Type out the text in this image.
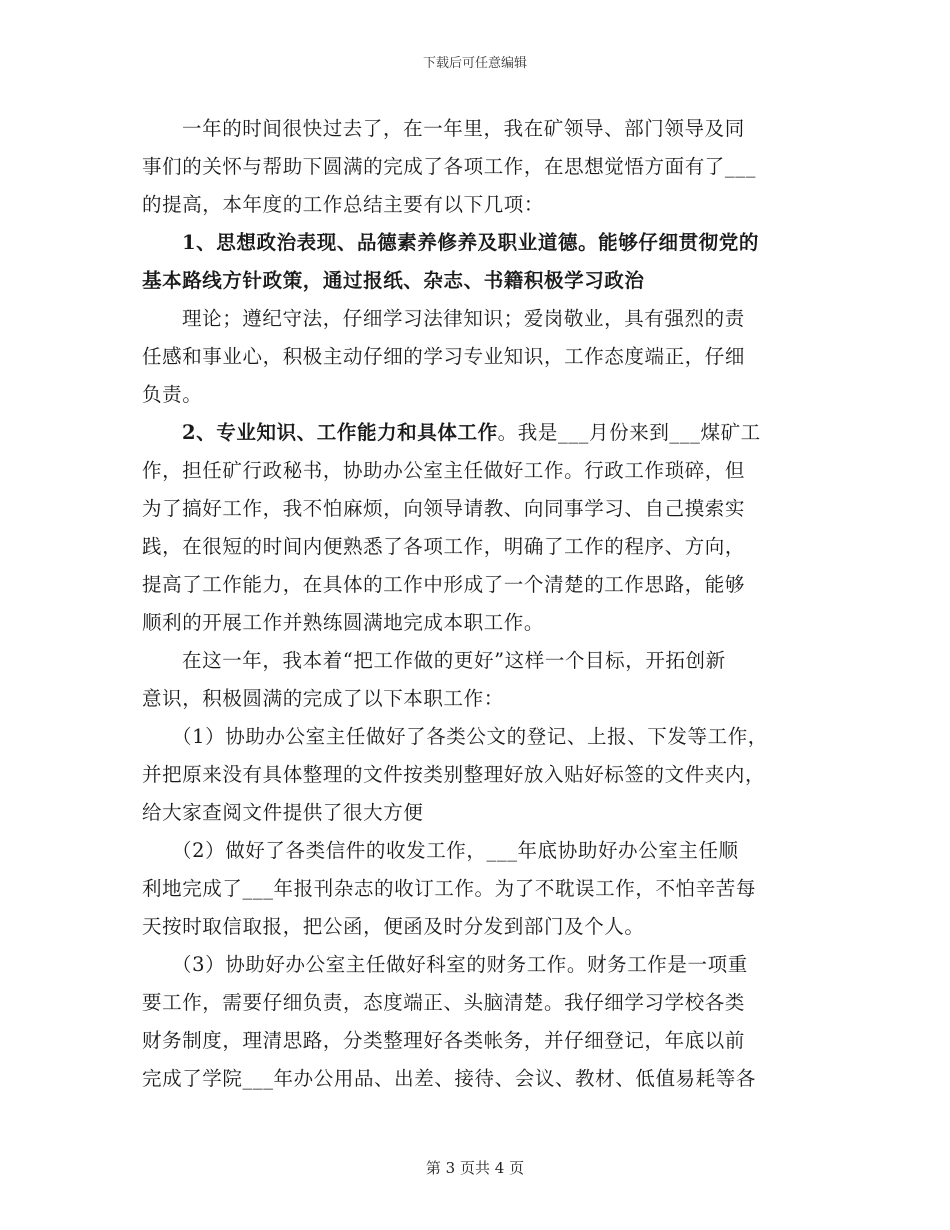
下载后可任意编辑
一年的时间很快过去了，在一年里，我在矿领导、部门领导及同
事们的关怀与帮助下圆满的完成了各项工作，在思想觉悟方面有了___
的提高，本年度的工作总结主要有以下几项：
1、思想政治表现、品德素养修养及职业道德。能够仔细贯彻党的
基本路线方针政策，通过报纸、杂志、书籍积极学习政治
理论；遵纪守法，仔细学习法律知识；爱岗敬业，具有强烈的责
任感和事业心，积极主动仔细的学习专业知识，工作态度端正，仔细
负责。
2、专业知识、工作能力和具体工作。我是___月份来到___煤矿工
作，担任矿行政秘书，协助办公室主任做好工作。行政工作琐碎，但
为了搞好工作，我不怕麻烦，向领导请教、向同事学习、自己摸索实
践，在很短的时间内便熟悉了各项工作，明确了工作的程序、方向，
提高了工作能力，在具体的工作中形成了一个清楚的工作思路，能够
顺利的开展工作并熟练圆满地完成本职工作。
在这一年，我本着“把工作做的更好”这样一个目标，开拓创新
意识，积极圆满的完成了以下本职工作：
（1）协助办公室主任做好了各类公文的登记、上报、下发等工作，
并把原来没有具体整理的文件按类别整理好放入贴好标签的文件夹内，
给大家查阅文件提供了很大方便
（2）做好了各类信件的收发工作，___年底协助好办公室主任顺
利地完成了___年报刊杂志的收订工作。为了不耽误工作，不怕辛苦每
天按时取信取报，把公函，便函及时分发到部门及个人。
（3）协助好办公室主任做好科室的财务工作。财务工作是一项重
要工作，需要仔细负责，态度端正、头脑清楚。我仔细学习学校各类
财务制度，理清思路，分类整理好各类帐务，并仔细登记，年底以前
完成了学院___年办公用品、出差、接待、会议、教材、低值易耗等各
第 3 页共 4 页
